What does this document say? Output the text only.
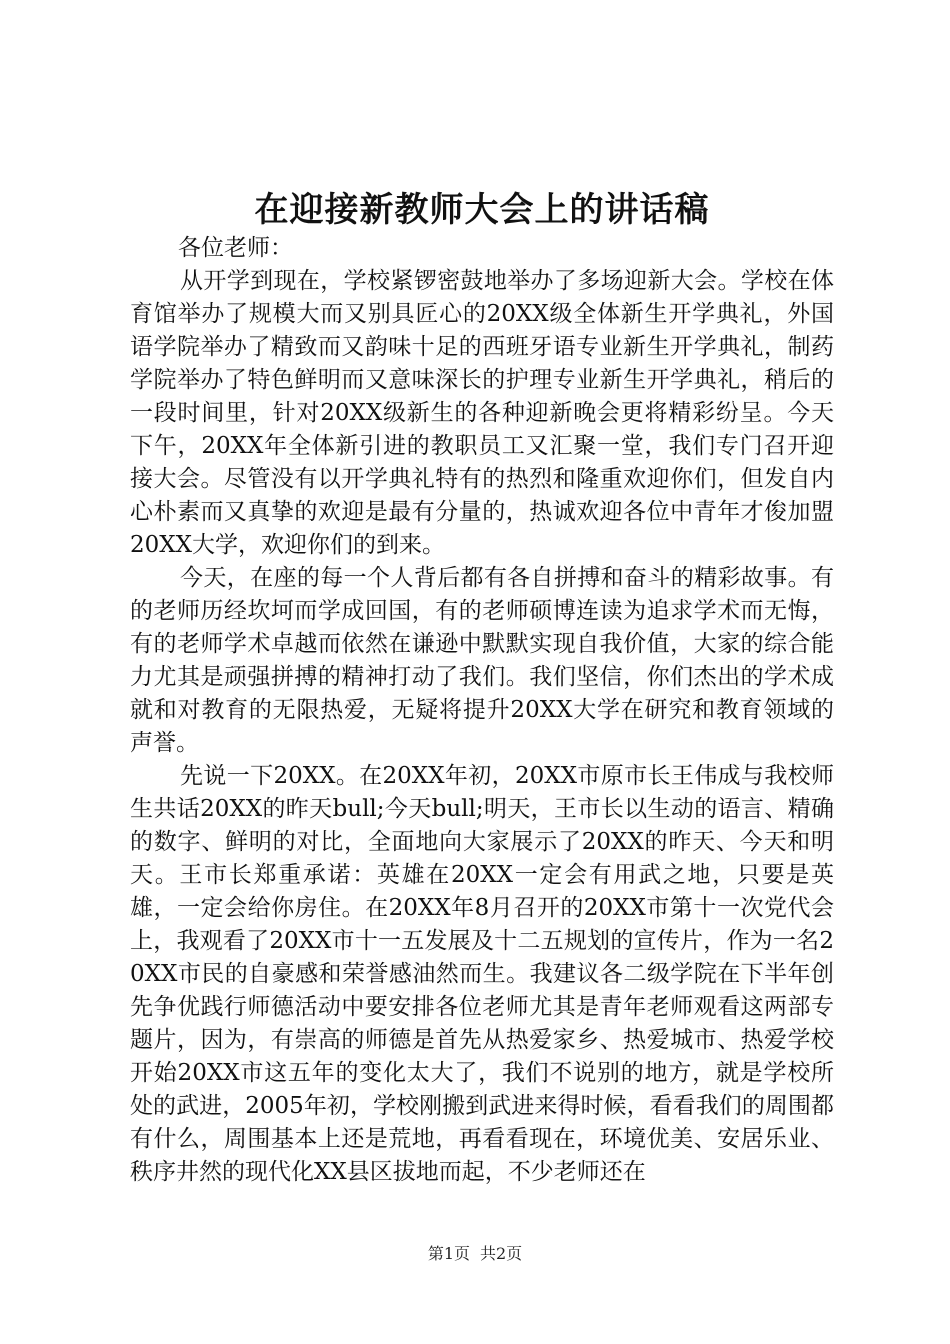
在迎接新教师大会上的讲话稿

各位老师：

从开学到现在，学校紧锣密鼓地举办了多场迎新大会。学校在体育馆举办了规模大而又别具匠心的20XX级全体新生开学典礼，外国语学院举办了精致而又韵味十足的西班牙语专业新生开学典礼，制药学院举办了特色鲜明而又意味深长的护理专业新生开学典礼，稍后的一段时间里，针对20XX级新生的各种迎新晚会更将精彩纷呈。今天下午，20XX年全体新引进的教职员工又汇聚一堂，我们专门召开迎接大会。尽管没有以开学典礼特有的热烈和隆重欢迎你们，但发自内心朴素而又真挚的欢迎是最有分量的，热诚欢迎各位中青年才俊加盟20XX大学，欢迎你们的到来。

今天，在座的每一个人背后都有各自拼搏和奋斗的精彩故事。有的老师历经坎坷而学成回国，有的老师硕博连读为追求学术而无悔，有的老师学术卓越而依然在谦逊中默默实现自我价值，大家的综合能力尤其是顽强拼搏的精神打动了我们。我们坚信，你们杰出的学术成就和对教育的无限热爱，无疑将提升20XX大学在研究和教育领域的声誉。

先说一下20XX。在20XX年初，20XX市原市长王伟成与我校师生共话20XX的昨天bull;今天bull;明天，王市长以生动的语言、精确的数字、鲜明的对比，全面地向大家展示了20XX的昨天、今天和明天。王市长郑重承诺：英雄在20XX一定会有用武之地，只要是英雄，一定会给你房住。在20XX年8月召开的20XX市第十一次党代会上，我观看了20XX市十一五发展及十二五规划的宣传片，作为一名20XX市民的自豪感和荣誉感油然而生。我建议各二级学院在下半年创先争优践行师德活动中要安排各位老师尤其是青年老师观看这两部专题片，因为，有崇高的师德是首先从热爱家乡、热爱城市、热爱学校开始20XX市这五年的变化太大了，我们不说别的地方，就是学校所处的武进，2005年初，学校刚搬到武进来得时候，看看我们的周围都有什么，周围基本上还是荒地，再看看现在，环境优美、安居乐业、秩序井然的现代化XX县区拔地而起，不少老师还在

第1页 共2页
